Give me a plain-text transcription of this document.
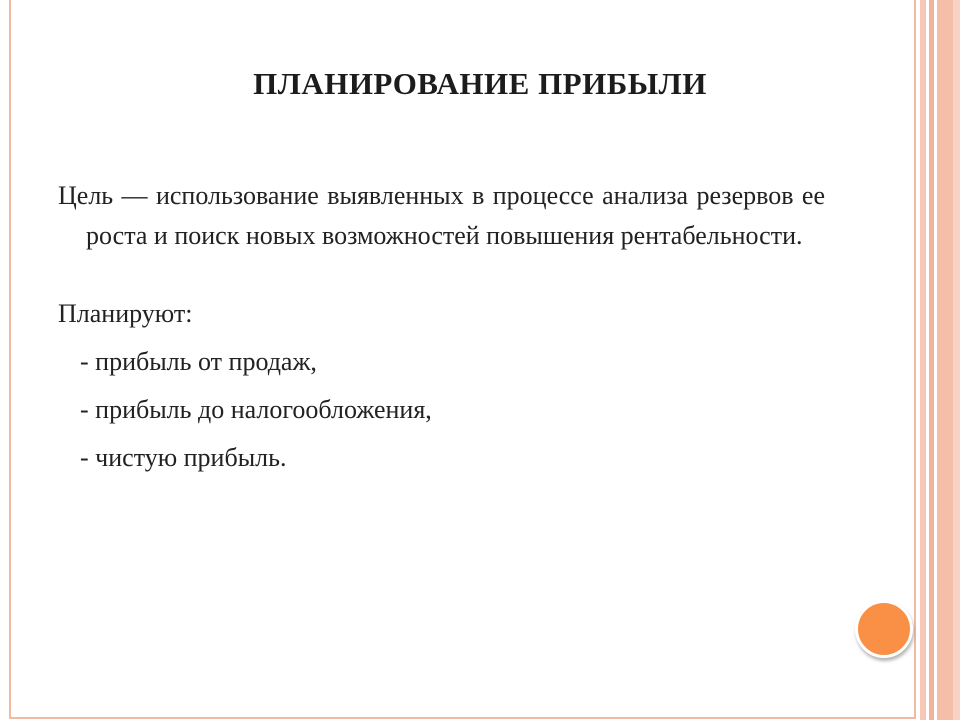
ПЛАНИРОВАНИЕ ПРИБЫЛИ

Цель — использование выявленных в процессе анализа резервов ее роста и поиск новых возможностей повышения рентабельности.

Планируют:

- прибыль от продаж,
- прибыль до налогообложения,
- чистую прибыль.
